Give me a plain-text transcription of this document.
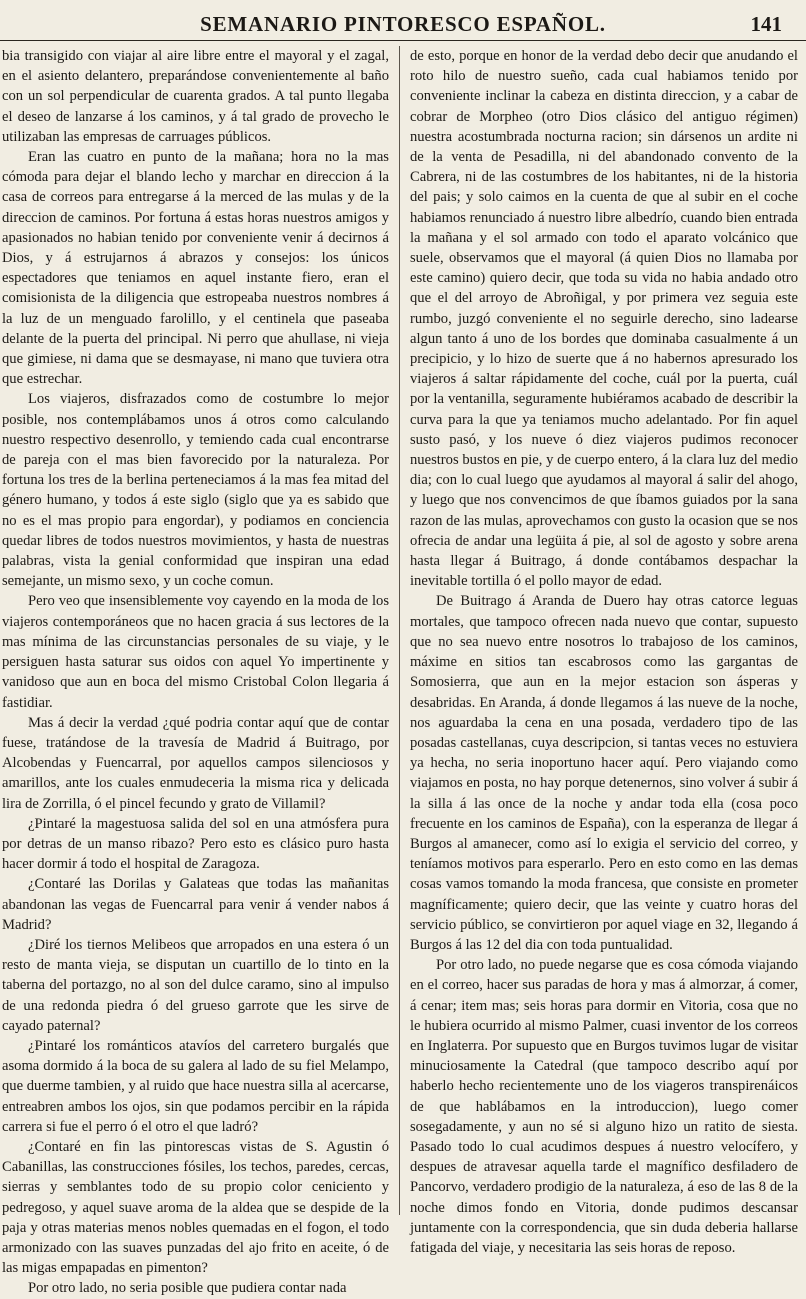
SEMANARIO PINTORESCO ESPAÑOL.	141

bia transigido con viajar al aire libre entre el mayoral y el zagal, en el asiento delantero, preparándose convenientemente al baño con un sol perpendicular de cuarenta grados. A tal punto llegaba el deseo de lanzarse á los caminos, y á tal grado de provecho le utilizaban las empresas de carruages públicos.

Eran las cuatro en punto de la mañana; hora no la mas cómoda para dejar el blando lecho y marchar en direccion á la casa de correos para entregarse á la merced de las mulas y de la direccion de caminos. Por fortuna á estas horas nuestros amigos y apasionados no habian tenido por conveniente venir á decirnos á Dios, y á estrujarnos á abrazos y consejos: los únicos espectadores que teniamos en aquel instante fiero, eran el comisionista de la diligencia que estropeaba nuestros nombres á la luz de un menguado farolillo, y el centinela que paseaba delante de la puerta del principal. Ni perro que ahullase, ni vieja que gimiese, ni dama que se desmayase, ni mano que tuviera otra que estrechar.

Los viajeros, disfrazados como de costumbre lo mejor posible, nos contemplábamos unos á otros como calculando nuestro respectivo desenrollo, y temiendo cada cual encontrarse de pareja con el mas bien favorecido por la naturaleza. Por fortuna los tres de la berlina perteneciamos á la mas fea mitad del género humano, y todos á este siglo (siglo que ya es sabido que no es el mas propio para engordar), y podiamos en conciencia quedar libres de todos nuestros movimientos, y hasta de nuestras palabras, vista la genial conformidad que inspiran una edad semejante, un mismo sexo, y un coche comun.

Pero veo que insensiblemente voy cayendo en la moda de los viajeros contemporáneos que no hacen gracia á sus lectores de la mas mínima de las circunstancias personales de su viaje, y le persiguen hasta saturar sus oidos con aquel Yo impertinente y vanidoso que aun en boca del mismo Cristobal Colon llegaria á fastidiar.

Mas á decir la verdad ¿qué podria contar aquí que de contar fuese, tratándose de la travesía de Madrid á Buitrago, por Alcobendas y Fuencarral, por aquellos campos silenciosos y amarillos, ante los cuales enmudeceria la misma rica y delicada lira de Zorrilla, ó el pincel fecundo y grato de Villamil?

¿Pintaré la magestuosa salida del sol en una atmósfera pura por detras de un manso ribazo? Pero esto es clásico puro hasta hacer dormir á todo el hospital de Zaragoza.

¿Contaré las Dorilas y Galateas que todas las mañanitas abandonan las vegas de Fuencarral para venir á vender nabos á Madrid?

¿Diré los tiernos Melibeos que arropados en una estera ó un resto de manta vieja, se disputan un cuartillo de lo tinto en la taberna del portazgo, no al son del dulce caramo, sino al impulso de una redonda piedra ó del grueso garrote que les sirve de cayado paternal?

¿Pintaré los románticos atavíos del carretero burgalés que asoma dormido á la boca de su galera al lado de su fiel Melampo, que duerme tambien, y al ruido que hace nuestra silla al acercarse, entreabren ambos los ojos, sin que podamos percibir en la rápida carrera si fue el perro ó el otro el que ladró?

¿Contaré en fin las pintorescas vistas de S. Agustin ó Cabanillas, las construcciones fósiles, los techos, paredes, cercas, sierras y semblantes todo de su propio color ceniciento y pedregoso, y aquel suave aroma de la aldea que se despide de la paja y otras materias menos nobles quemadas en el fogon, el todo armonizado con las suaves punzadas del ajo frito en aceite, ó de las migas empapadas en pimenton?

Por otro lado, no seria posible que pudiera contar nada

de esto, porque en honor de la verdad debo decir que anudando el roto hilo de nuestro sueño, cada cual habiamos tenido por conveniente inclinar la cabeza en distinta direccion, y a cabar de cobrar de Morpheo (otro Dios clásico del antiguo régimen) nuestra acostumbrada nocturna racion; sin dársenos un ardite ni de la venta de Pesadilla, ni del abandonado convento de la Cabrera, ni de las costumbres de los habitantes, ni de la historia del pais; y solo caimos en la cuenta de que al subir en el coche habiamos renunciado á nuestro libre albedrío, cuando bien entrada la mañana y el sol armado con todo el aparato volcánico que suele, observamos que el mayoral (á quien Dios no llamaba por este camino) quiero decir, que toda su vida no habia andado otro que el del arroyo de Abroñigal, y por primera vez seguia este rumbo, juzgó conveniente el no seguirle derecho, sino ladearse algun tanto á uno de los bordes que dominaba casualmente á un precipicio, y lo hizo de suerte que á no habernos apresurado los viajeros á saltar rápidamente del coche, cuál por la puerta, cuál por la ventanilla, seguramente hubiéramos acabado de describir la curva para la que ya teniamos mucho adelantado. Por fin aquel susto pasó, y los nueve ó diez viajeros pudimos reconocer nuestros bustos en pie, y de cuerpo entero, á la clara luz del medio dia; con lo cual luego que ayudamos al mayoral á salir del ahogo, y luego que nos convencimos de que íbamos guiados por la sana razon de las mulas, aprovechamos con gusto la ocasion que se nos ofrecia de andar una legüita á pie, al sol de agosto y sobre arena hasta llegar á Buitrago, á donde contábamos despachar la inevitable tortilla ó el pollo mayor de edad.

De Buitrago á Aranda de Duero hay otras catorce leguas mortales, que tampoco ofrecen nada nuevo que contar, supuesto que no sea nuevo entre nosotros lo trabajoso de los caminos, máxime en sitios tan escabrosos como las gargantas de Somosierra, que aun en la mejor estacion son ásperas y desabridas. En Aranda, á donde llegamos á las nueve de la noche, nos aguardaba la cena en una posada, verdadero tipo de las posadas castellanas, cuya descripcion, si tantas veces no estuviera ya hecha, no seria inoportuno hacer aquí. Pero viajando como viajamos en posta, no hay porque detenernos, sino volver á subir á la silla á las once de la noche y andar toda ella (cosa poco frecuente en los caminos de España), con la esperanza de llegar á Burgos al amanecer, como así lo exigia el servicio del correo, y teníamos motivos para esperarlo. Pero en esto como en las demas cosas vamos tomando la moda francesa, que consiste en prometer magníficamente; quiero decir, que las veinte y cuatro horas del servicio público, se convirtieron por aquel viage en 32, llegando á Burgos á las 12 del dia con toda puntualidad.

Por otro lado, no puede negarse que es cosa cómoda viajando en el correo, hacer sus paradas de hora y mas á almorzar, á comer, á cenar; item mas; seis horas para dormir en Vitoria, cosa que no le hubiera ocurrido al mismo Palmer, cuasi inventor de los correos en Inglaterra. Por supuesto que en Burgos tuvimos lugar de visitar minuciosamente la Catedral (que tampoco describo aquí por haberlo hecho recientemente uno de los viageros transpirenáicos de que hablábamos en la introduccion), luego comer sosegadamente, y aun no sé si alguno hizo un ratito de siesta. Pasado todo lo cual acudimos despues á nuestro velocífero, y despues de atravesar aquella tarde el magnífico desfiladero de Pancorvo, verdadero prodigio de la naturaleza, á eso de las 8 de la noche dimos fondo en Vitoria, donde pudimos descansar juntamente con la correspondencia, que sin duda deberia hallarse fatigada del viaje, y necesitaria las seis horas de reposo.
